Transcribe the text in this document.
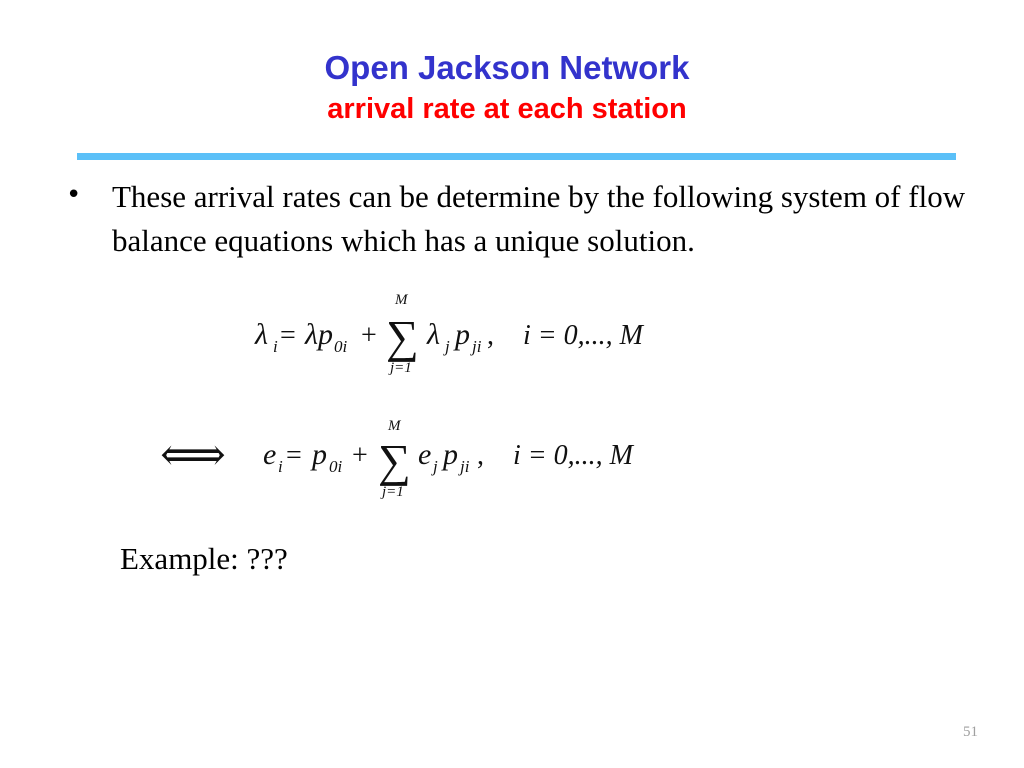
Open Jackson Network
arrival rate at each station
• These arrival rates can be determine by the following system of flow balance equations which has a unique solution.
λ i = λp 0i +
M
∑
j=1
λ j p ji , i = 0,..., M
⟺ e i = p 0i +
M
∑
j=1
e j p ji , i = 0,..., M
Example: ???
51
